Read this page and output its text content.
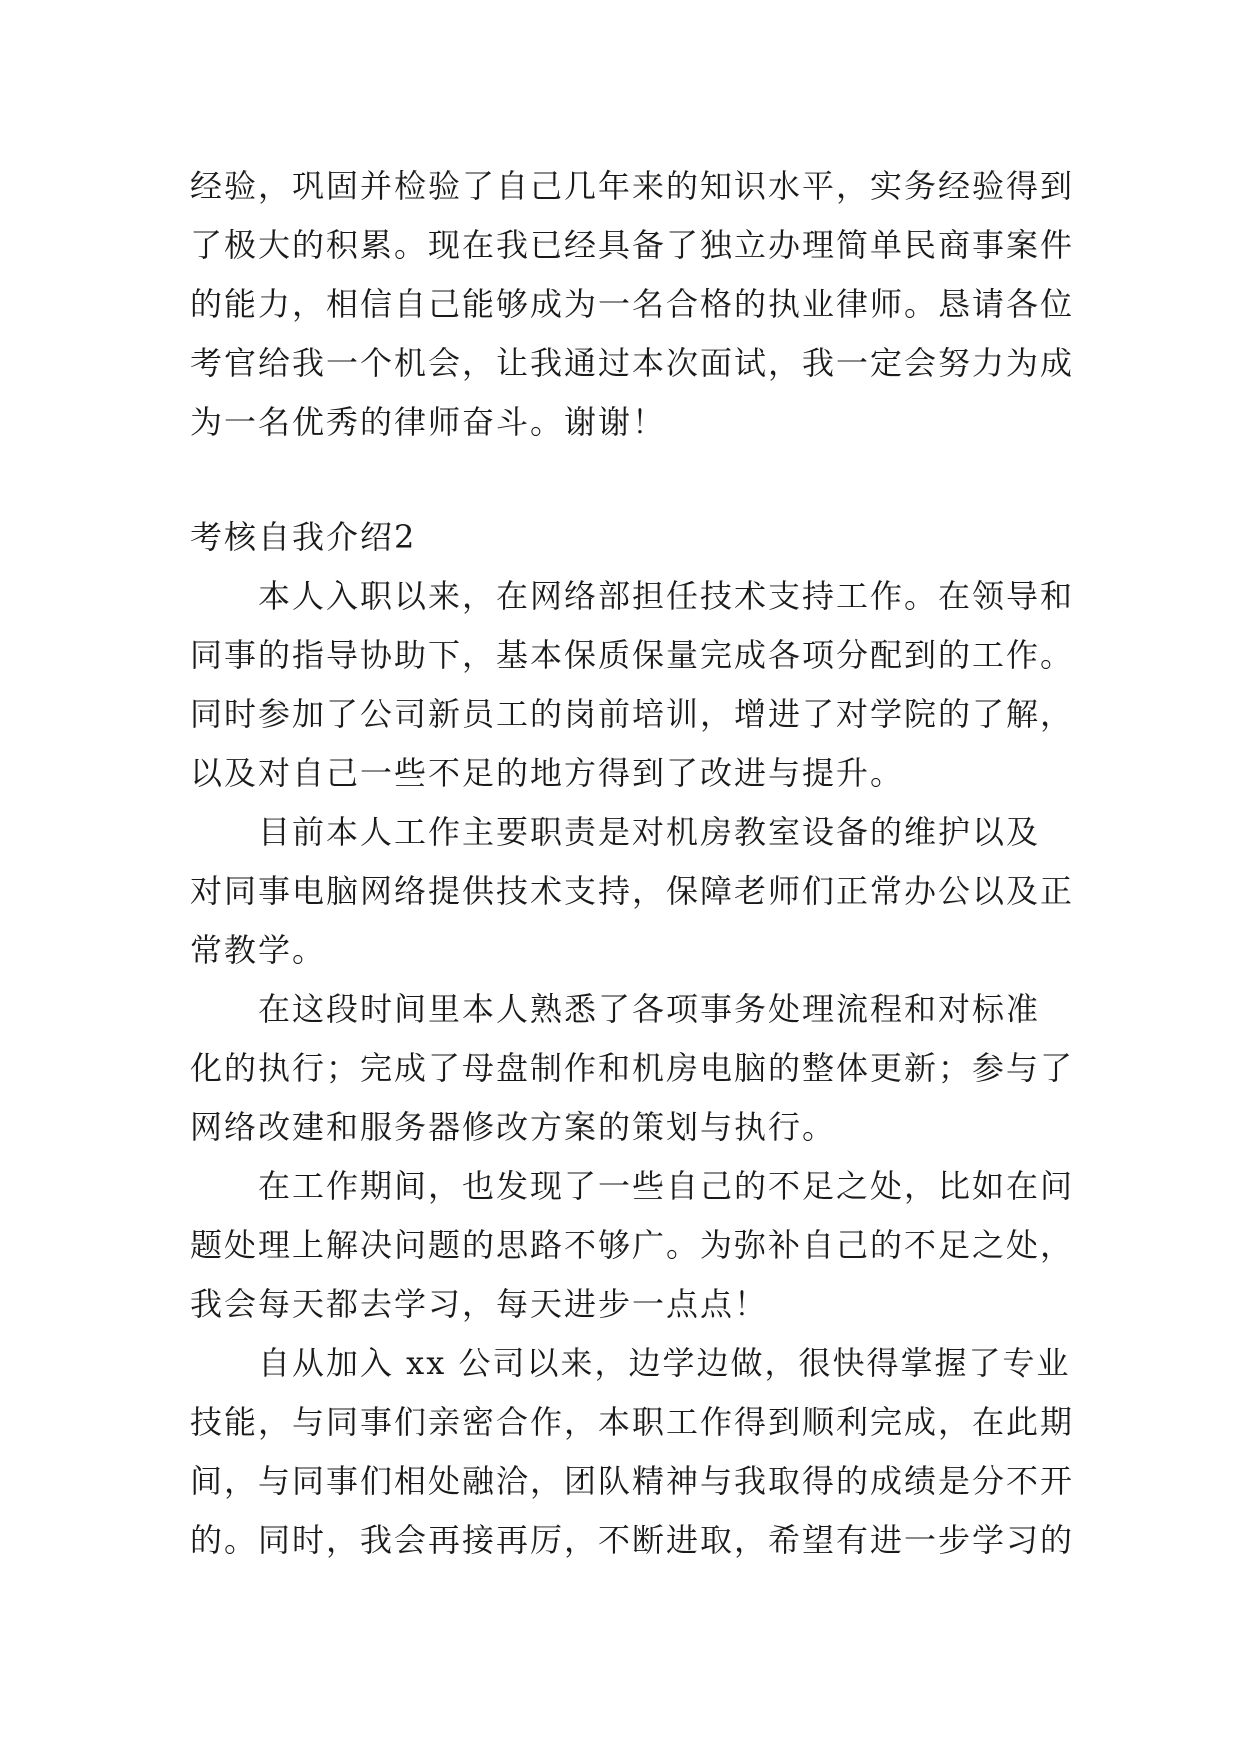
经验，巩固并检验了自己几年来的知识水平，实务经验得到
了极大的积累。现在我已经具备了独立办理简单民商事案件
的能力，相信自己能够成为一名合格的执业律师。恳请各位
考官给我一个机会，让我通过本次面试，我一定会努力为成
为一名优秀的律师奋斗。谢谢！
考核自我介绍2
本人入职以来，在网络部担任技术支持工作。在领导和
同事的指导协助下，基本保质保量完成各项分配到的工作。
同时参加了公司新员工的岗前培训，增进了对学院的了解，
以及对自己一些不足的地方得到了改进与提升。
目前本人工作主要职责是对机房教室设备的维护以及
对同事电脑网络提供技术支持，保障老师们正常办公以及正
常教学。
在这段时间里本人熟悉了各项事务处理流程和对标准
化的执行；完成了母盘制作和机房电脑的整体更新；参与了
网络改建和服务器修改方案的策划与执行。
在工作期间，也发现了一些自己的不足之处，比如在问
题处理上解决问题的思路不够广。为弥补自己的不足之处，
我会每天都去学习，每天进步一点点！
自从加入 xx 公司以来，边学边做，很快得掌握了专业
技能，与同事们亲密合作，本职工作得到顺利完成，在此期
间，与同事们相处融洽，团队精神与我取得的成绩是分不开
的。同时，我会再接再厉，不断进取，希望有进一步学习的
